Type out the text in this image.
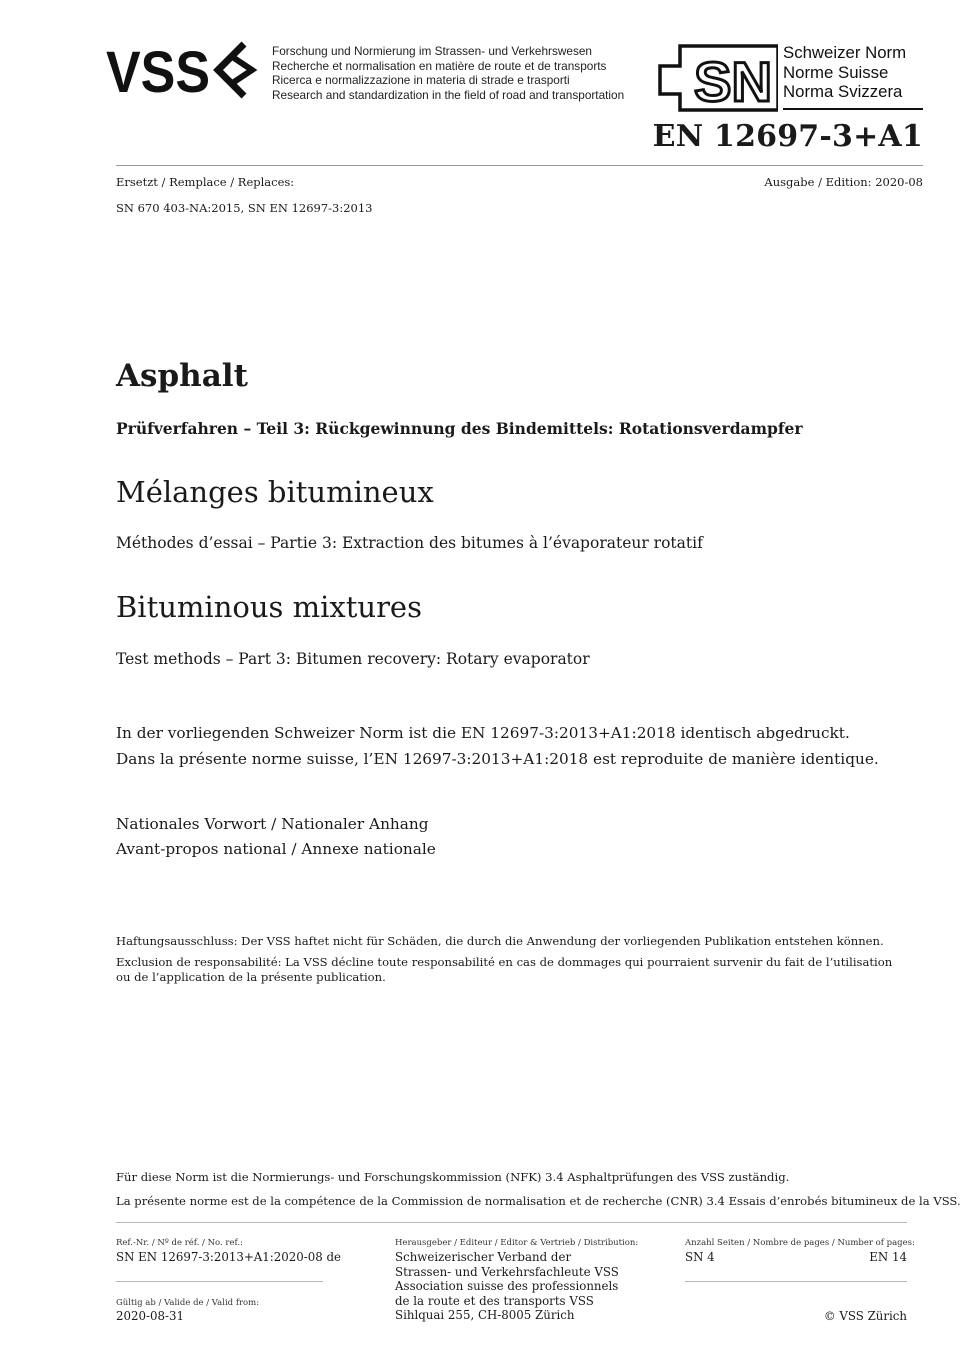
VSS	Forschung und Normierung im Strassen- und Verkehrswesen
Recherche et normalisation en matière de route et de transports
Ricerca e normalizzazione in materia di strade e trasporti
Research and standardization in the field of road and transportation SN Schweizer Norm
Norme Suisse
Norma Svizzera
EN 12697-3+A1
Ersetzt / Remplace / Replaces:
SN 670 403-NA:2015, SN EN 12697-3:2013
Ausgabe / Edition: 2020-08
Asphalt
Prüfverfahren – Teil 3: Rückgewinnung des Bindemittels: Rotationsverdampfer
Mélanges bitumineux
Méthodes d’essai – Partie 3: Extraction des bitumes à l’évaporateur rotatif
Bituminous mixtures
Test methods – Part 3: Bitumen recovery: Rotary evaporator
In der vorliegenden Schweizer Norm ist die EN 12697-3:2013+A1:2018 identisch abgedruckt.
Dans la présente norme suisse, l’EN 12697-3:2013+A1:2018 est reproduite de manière identique.
Nationales Vorwort / Nationaler Anhang
Avant-propos national / Annexe nationale
Haftungsausschluss: Der VSS haftet nicht für Schäden, die durch die Anwendung der vorliegenden Publikation entstehen können.
Exclusion de responsabilité: La VSS décline toute responsabilité en cas de dommages qui pourraient survenir du fait de l’utilisation
ou de l’application de la présente publication.
Für diese Norm ist die Normierungs- und Forschungskommission (NFK) 3.4 Asphaltprüfungen des VSS zuständig.
La présente norme est de la compétence de la Commission de normalisation et de recherche (CNR) 3.4 Essais d’enrobés bitumineux de la VSS.
Ref.-Nr. / Nº de réf. / No. ref.:
SN EN 12697-3:2013+A1:2020-08 de
Gültig ab / Valide de / Valid from:
2020-08-31
Herausgeber / Editeur / Editor & Vertrieb / Distribution:
Schweizerischer Verband der
Strassen- und Verkehrsfachleute VSS
Association suisse des professionnels
de la route et des transports VSS
Sihlquai 255, CH-8005 Zürich
Anzahl Seiten / Nombre de pages / Number of pages:
SN 4	EN 14
© VSS Zürich
